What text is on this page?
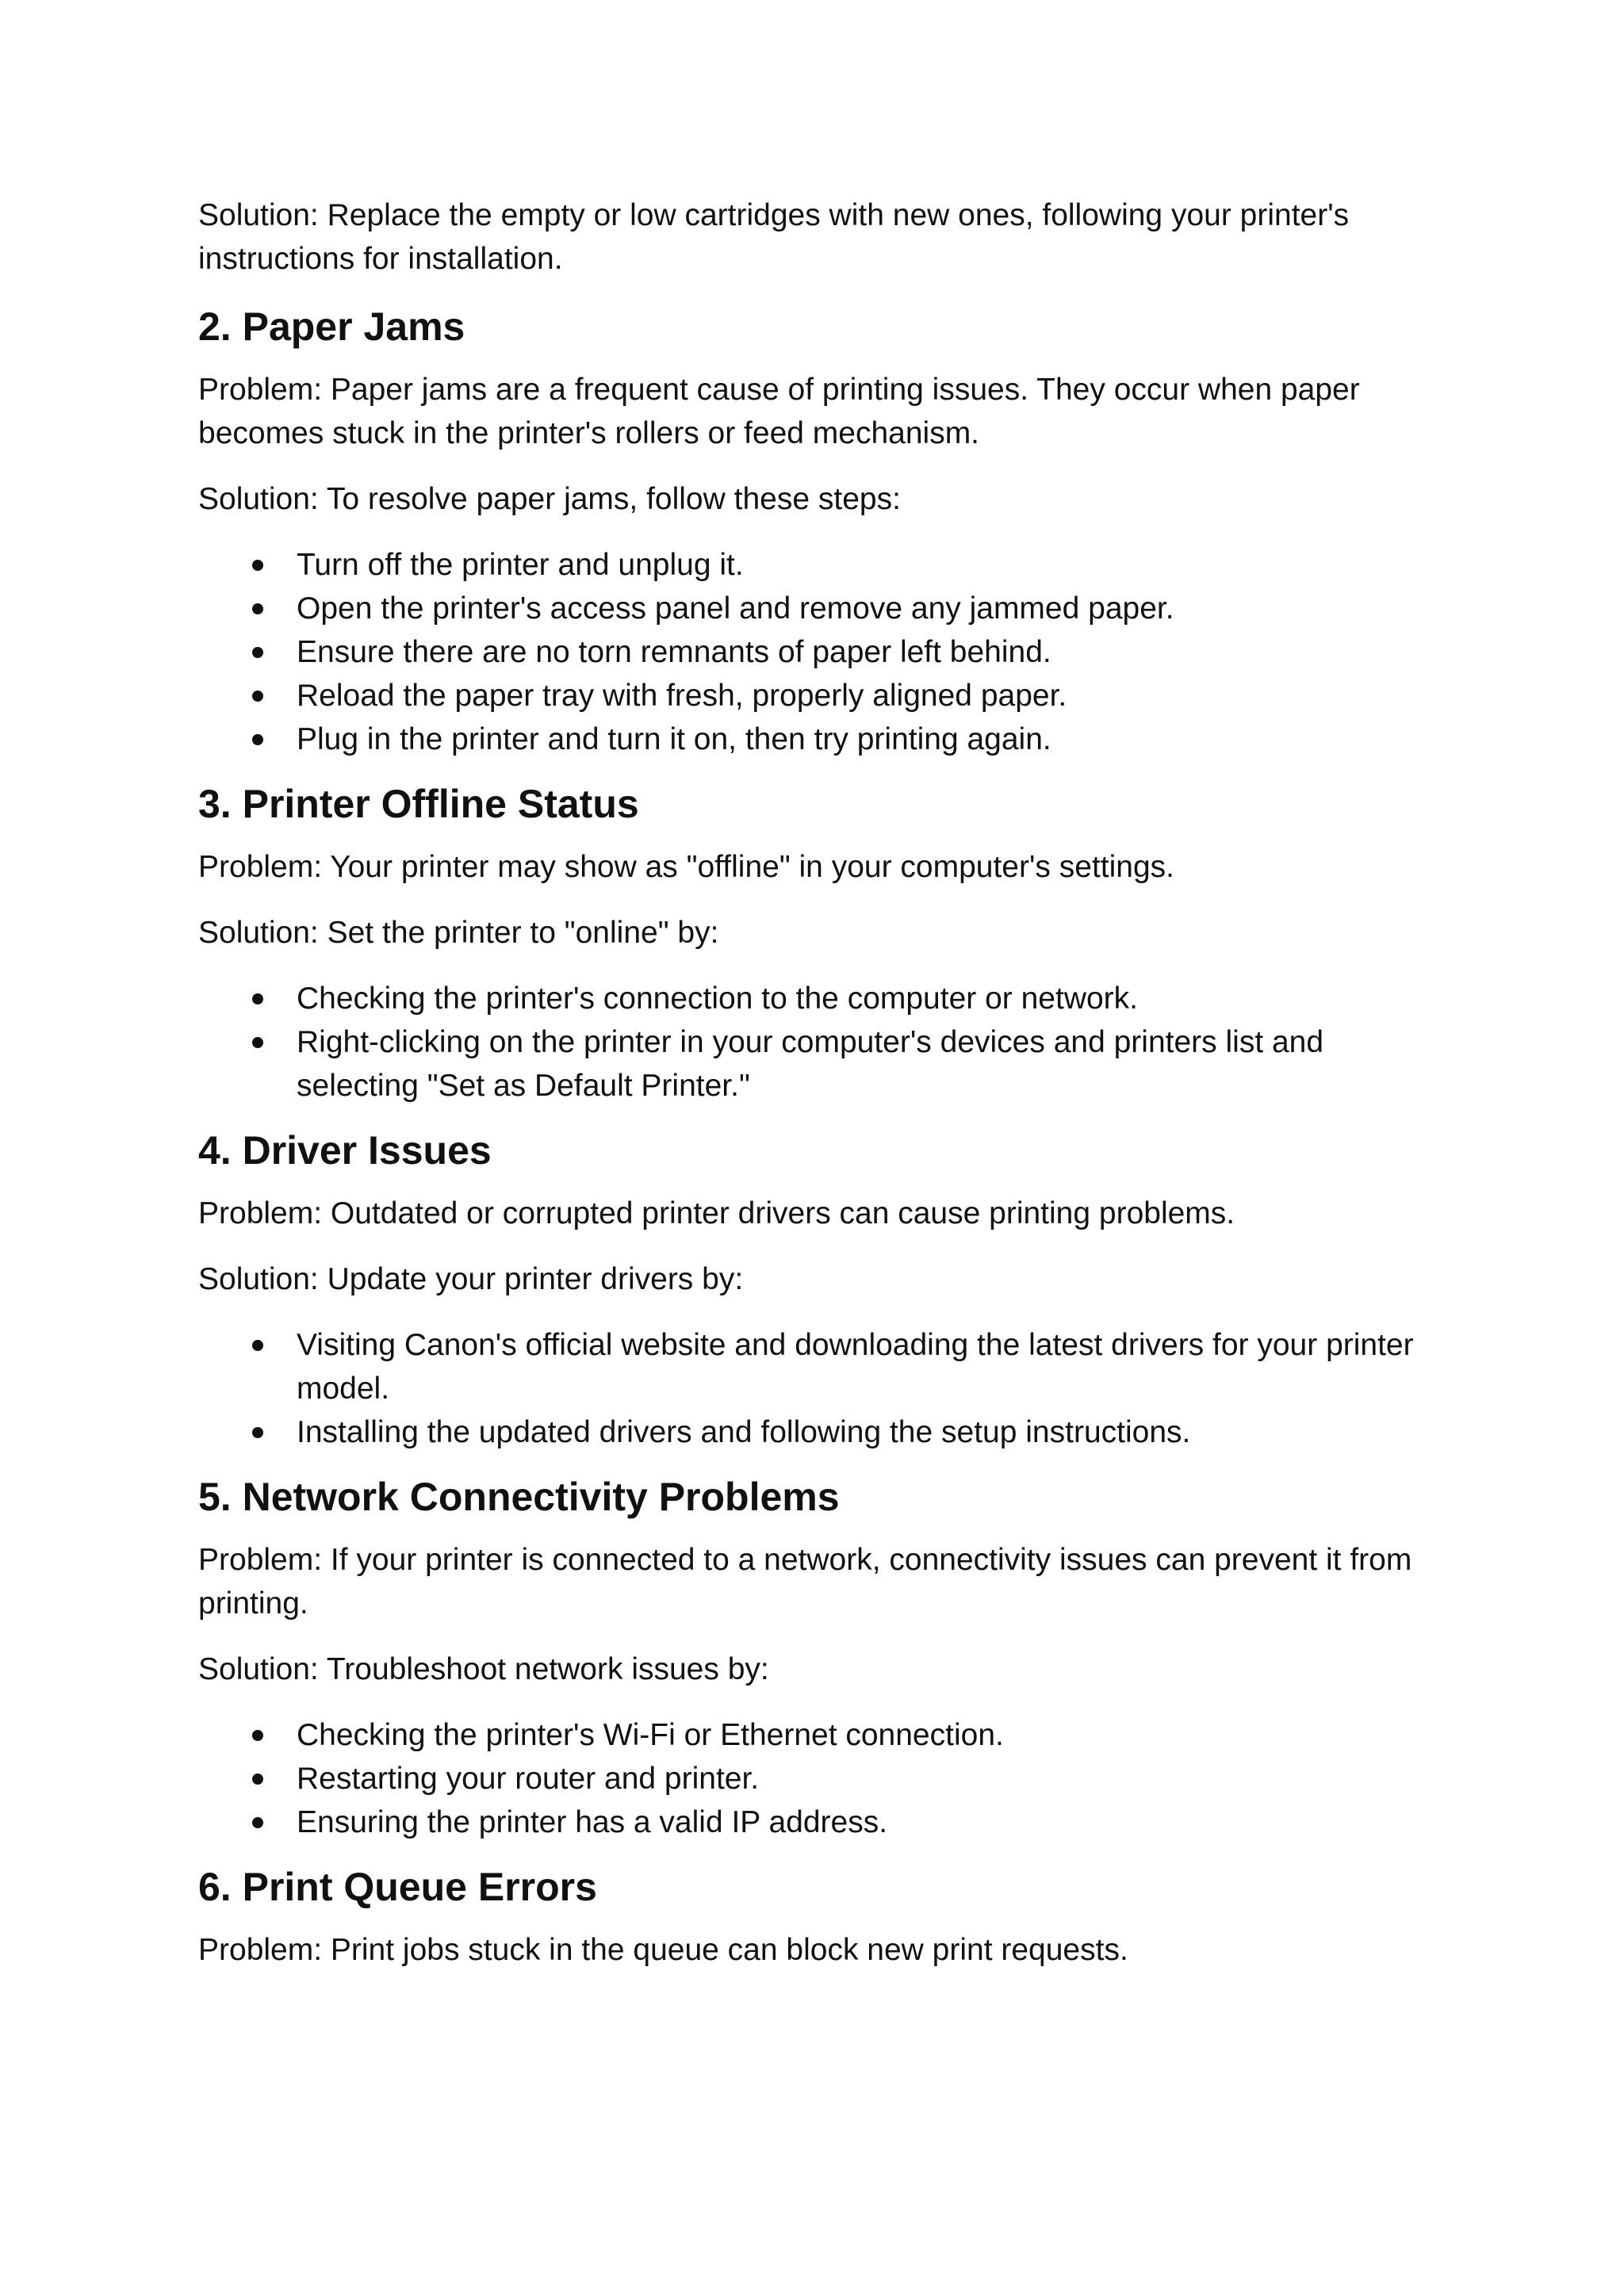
Solution: Replace the empty or low cartridges with new ones, following your printer's instructions for installation.

2. Paper Jams

Problem: Paper jams are a frequent cause of printing issues. They occur when paper becomes stuck in the printer's rollers or feed mechanism.

Solution: To resolve paper jams, follow these steps:

Turn off the printer and unplug it.
Open the printer's access panel and remove any jammed paper.
Ensure there are no torn remnants of paper left behind.
Reload the paper tray with fresh, properly aligned paper.
Plug in the printer and turn it on, then try printing again.
3. Printer Offline Status

Problem: Your printer may show as "offline" in your computer's settings.

Solution: Set the printer to "online" by:

Checking the printer's connection to the computer or network.
Right-clicking on the printer in your computer's devices and printers list and selecting "Set as Default Printer."
4. Driver Issues

Problem: Outdated or corrupted printer drivers can cause printing problems.

Solution: Update your printer drivers by:

Visiting Canon's official website and downloading the latest drivers for your printer model.
Installing the updated drivers and following the setup instructions.
5. Network Connectivity Problems

Problem: If your printer is connected to a network, connectivity issues can prevent it from printing.

Solution: Troubleshoot network issues by:

Checking the printer's Wi-Fi or Ethernet connection.
Restarting your router and printer.
Ensuring the printer has a valid IP address.
6. Print Queue Errors

Problem: Print jobs stuck in the queue can block new print requests.
